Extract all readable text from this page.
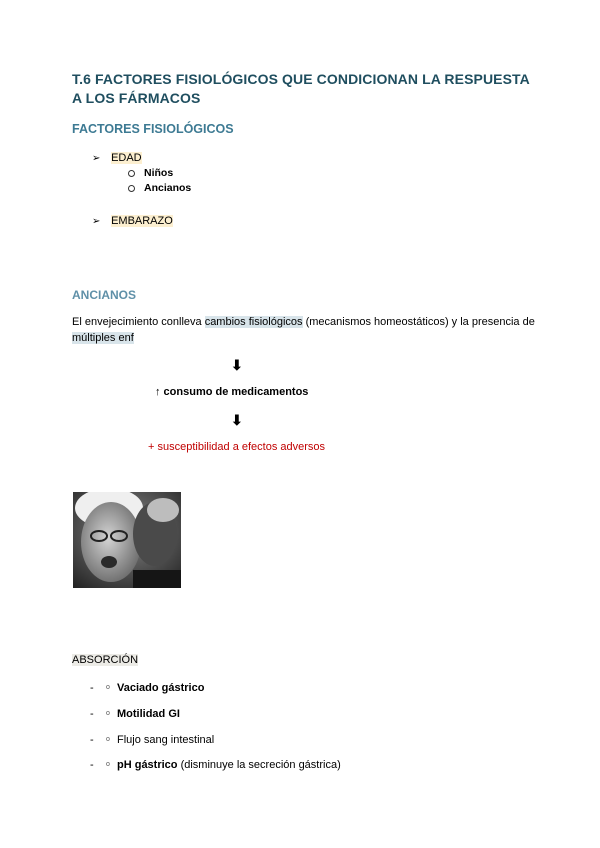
T.6 FACTORES FISIOLÓGICOS QUE CONDICIONAN LA RESPUESTA A LOS FÁRMACOS
FACTORES FISIOLÓGICOS
➢ EDAD
Niños
Ancianos
➢ EMBARAZO
ANCIANOS
El envejecimiento conlleva cambios fisiológicos (mecanismos homeostáticos) y la presencia de múltiples enf
⬇
↑ consumo de medicamentos
⬇
+ susceptibilidad a efectos adversos
ABSORCIÓN
- o Vaciado gástrico
- o Motilidad GI
- o Flujo sang intestinal
- o pH gástrico (disminuye la secreción gástrica)
